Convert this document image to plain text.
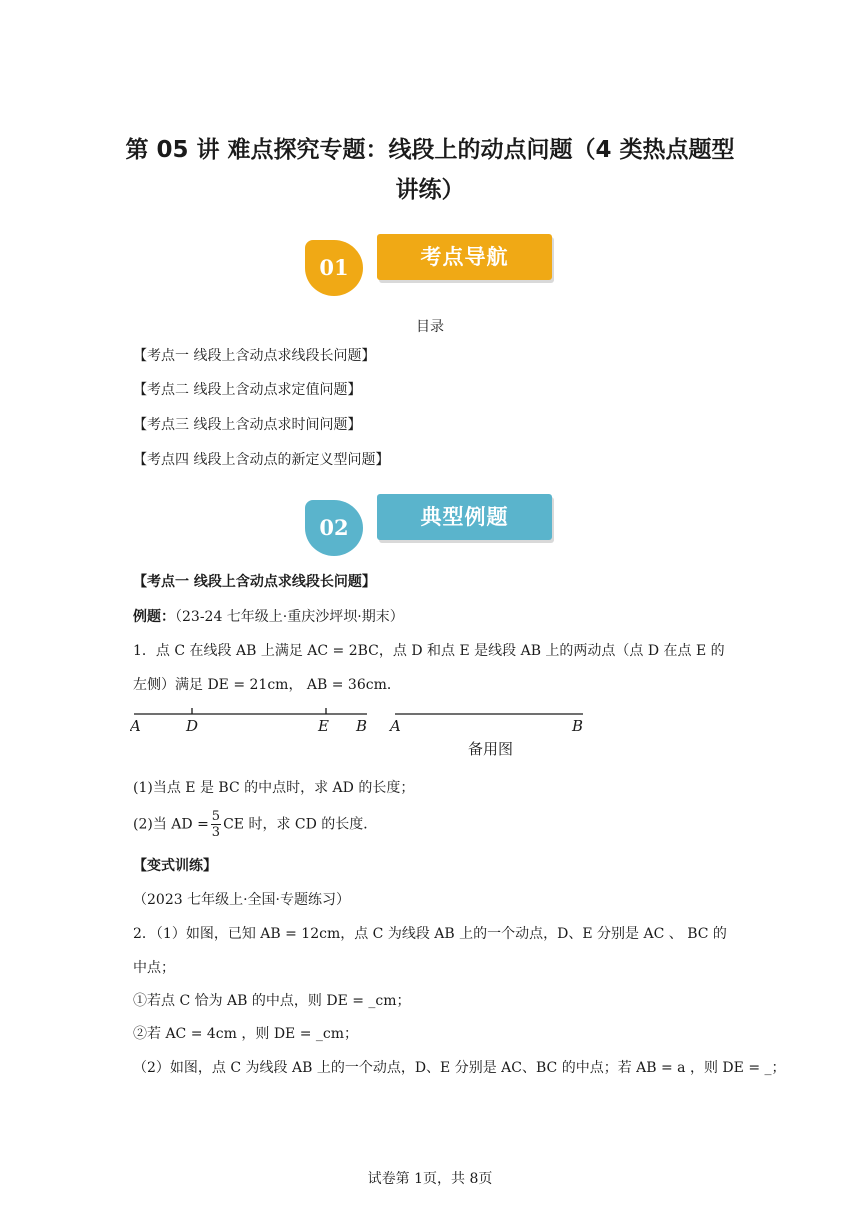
第 05 讲 难点探究专题：线段上的动点问题（4 类热点题型
讲练）
01	考点导航
目录
【考点一 线段上含动点求线段长问题】
【考点二 线段上含动点求定值问题】
【考点三 线段上含动点求时间问题】
【考点四 线段上含动点的新定义型问题】
02	典型例题
【考点一 线段上含动点求线段长问题】
例题：（23-24 七年级上·重庆沙坪坝·期末）
1．点 C 在线段 AB 上满足 AC = 2BC，点 D 和点 E 是线段 AB 上的两动点（点 D 在点 E 的
左侧）满足 DE = 21cm， AB = 36cm．
A	D	E B A	B
备用图
(1)当点 E 是 BC 的中点时，求 AD 的长度；
(2)当 AD = $\frac{5}{3}$ CE 时，求 CD 的长度．
【变式训练】
（2023 七年级上·全国·专题练习）
2．（1）如图，已知 AB = 12cm，点 C 为线段 AB 上的一个动点，D、E 分别是 AC 、 BC 的
中点；
①若点 C 恰为 AB 的中点，则 DE = _cm；
②若 AC = 4cm ，则 DE = _cm；
（2）如图，点 C 为线段 AB 上的一个动点，D、E 分别是 AC、BC 的中点；若 AB = a ，则 DE = _；
试卷第 1页，共 8页
